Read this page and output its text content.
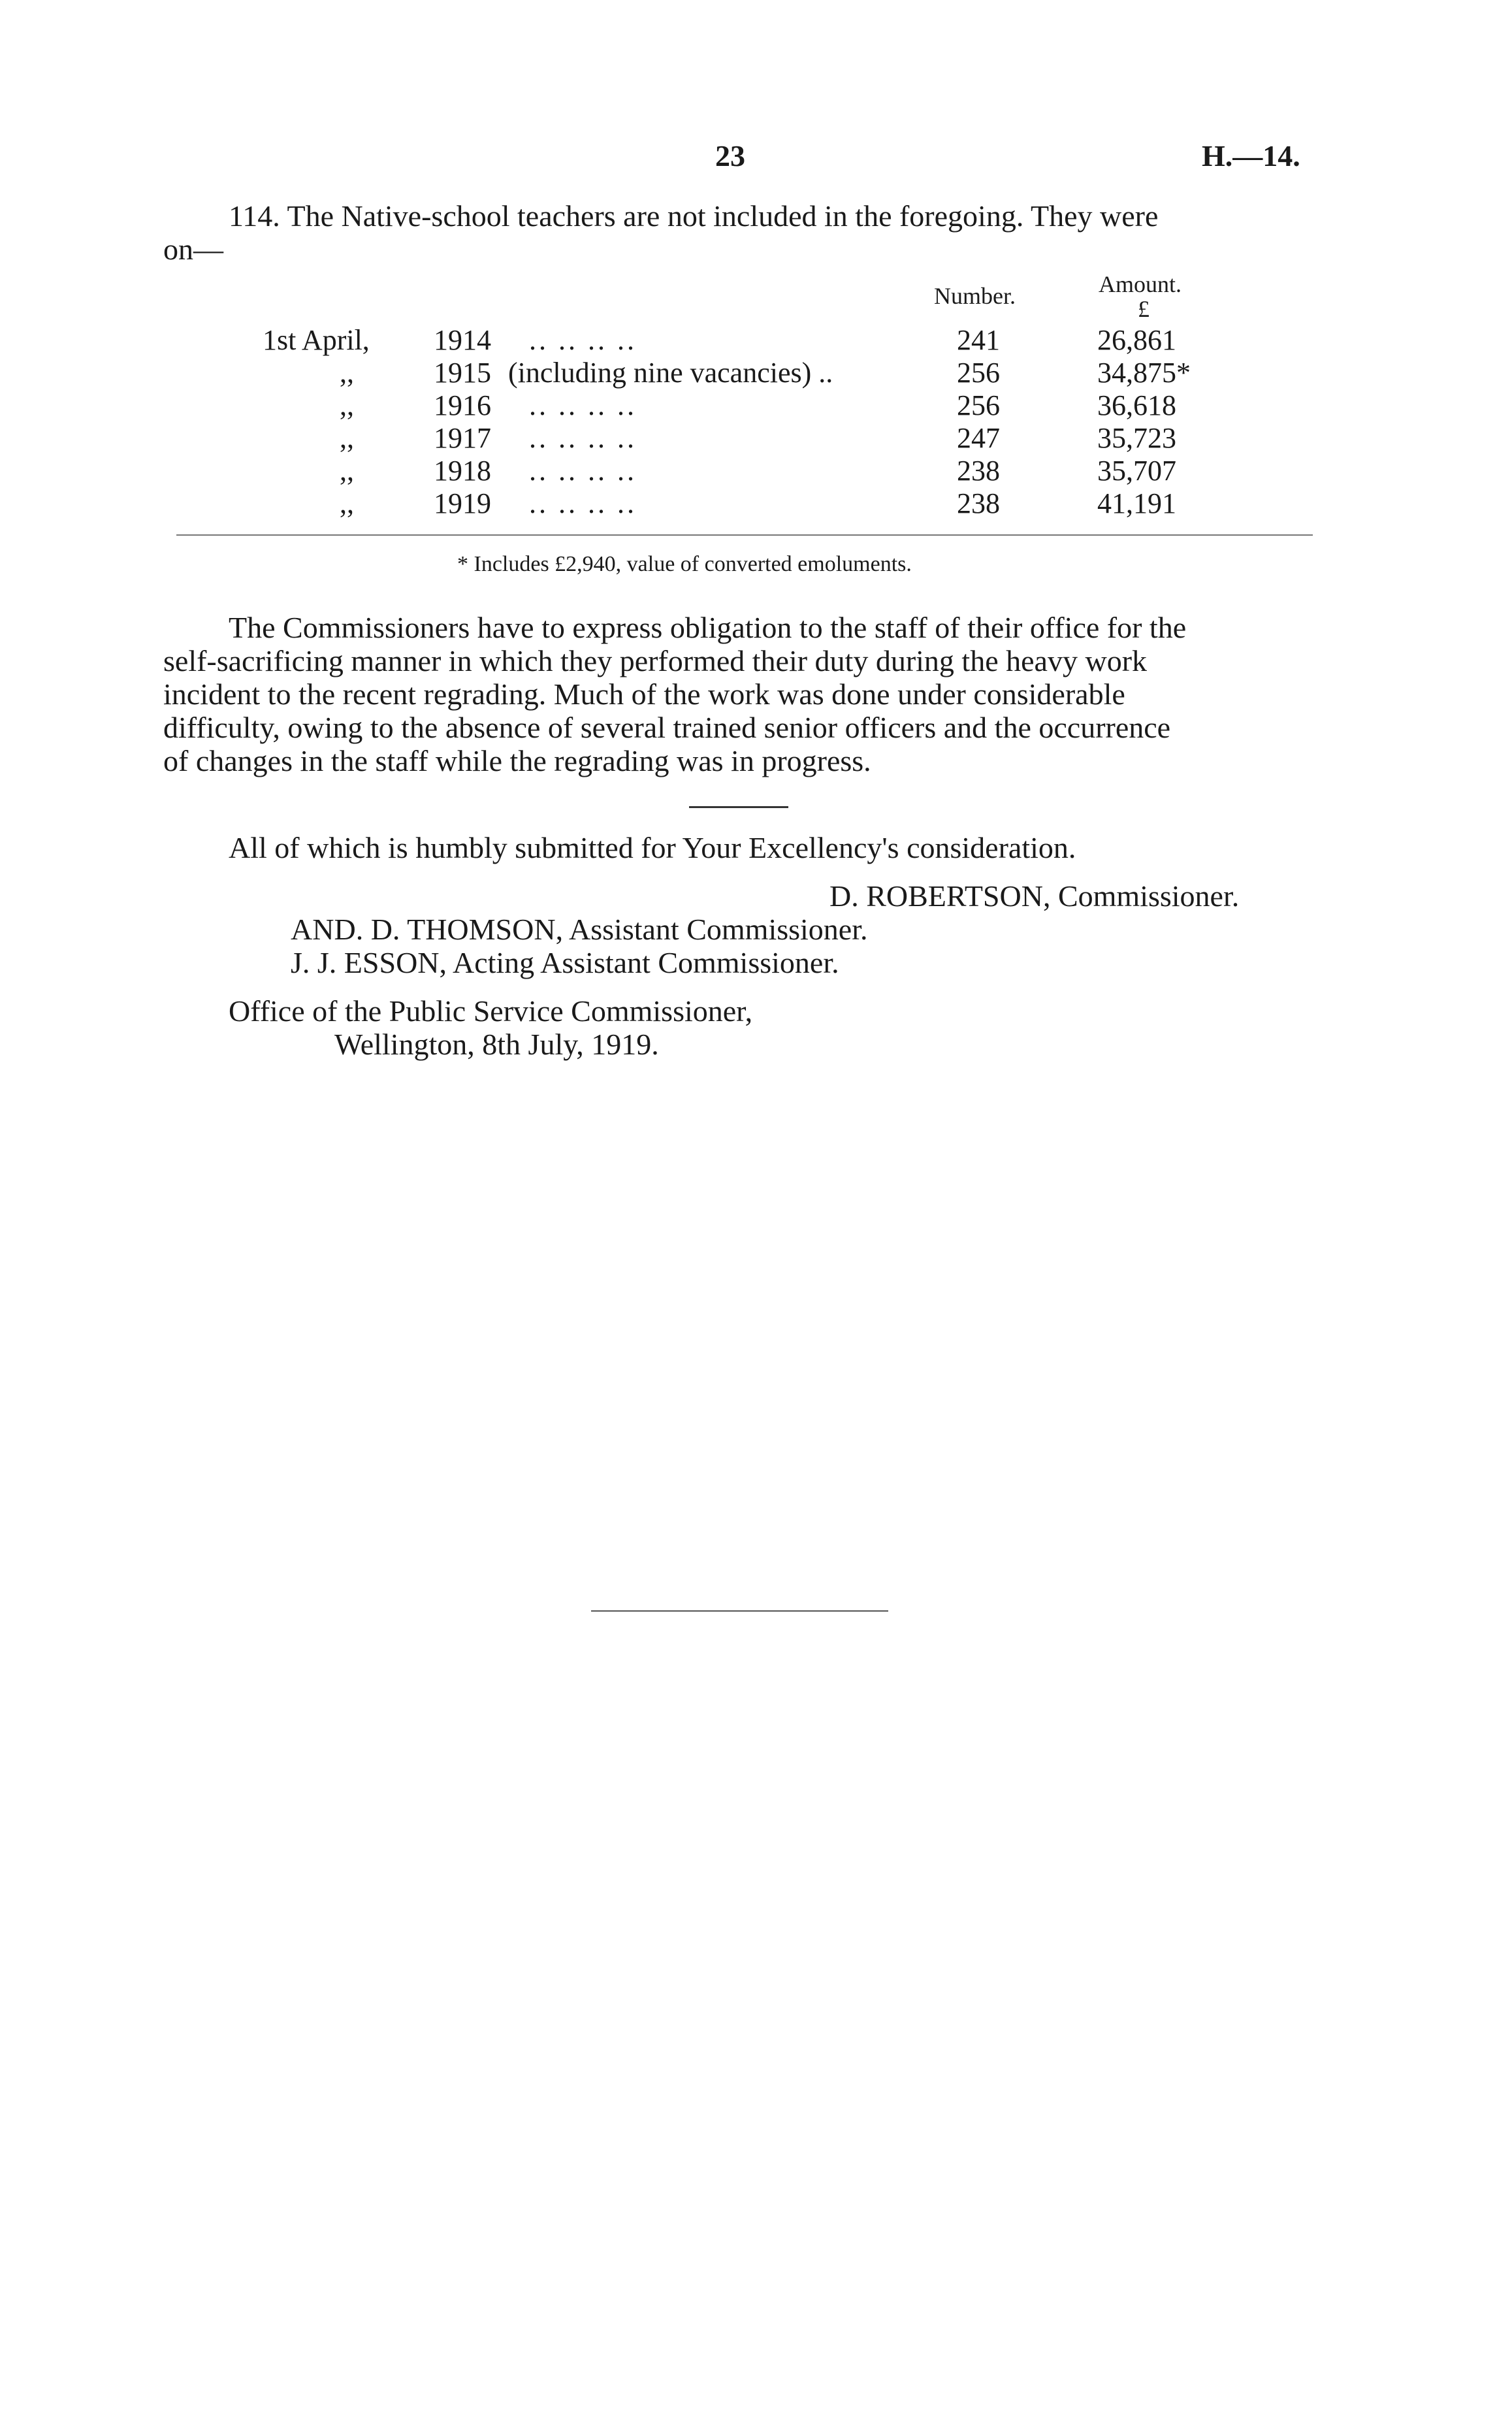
23	H.—14.
114. The Native-school teachers are not included in the foregoing. They were
on—
Number.	Amount.
£
1st April, 1914 .. .. .. ..	241	26,861
,,	1915 (including nine vacancies) ..	256	34,875*
,,	1916 .. .. .. ..	256	36,618
,,	1917 .. .. .. ..	247	35,723
,,	1918 .. .. .. ..	238	35,707
,,	1919 .. .. .. ..	238	41,191
* Includes £2,940, value of converted emoluments.
The Commissioners have to express obligation to the staff of their office for the
self-sacrificing manner in which they performed their duty during the heavy work
incident to the recent regrading. Much of the work was done under considerable
difficulty, owing to the absence of several trained senior officers and the occurrence
of changes in the staff while the regrading was in progress.
All of which is humbly submitted for Your Excellency's consideration.
D. ROBERTSON, Commissioner.
AND. D. THOMSON, Assistant Commissioner.
J. J. ESSON, Acting Assistant Commissioner.
Office of the Public Service Commissioner,
Wellington, 8th July, 1919.
